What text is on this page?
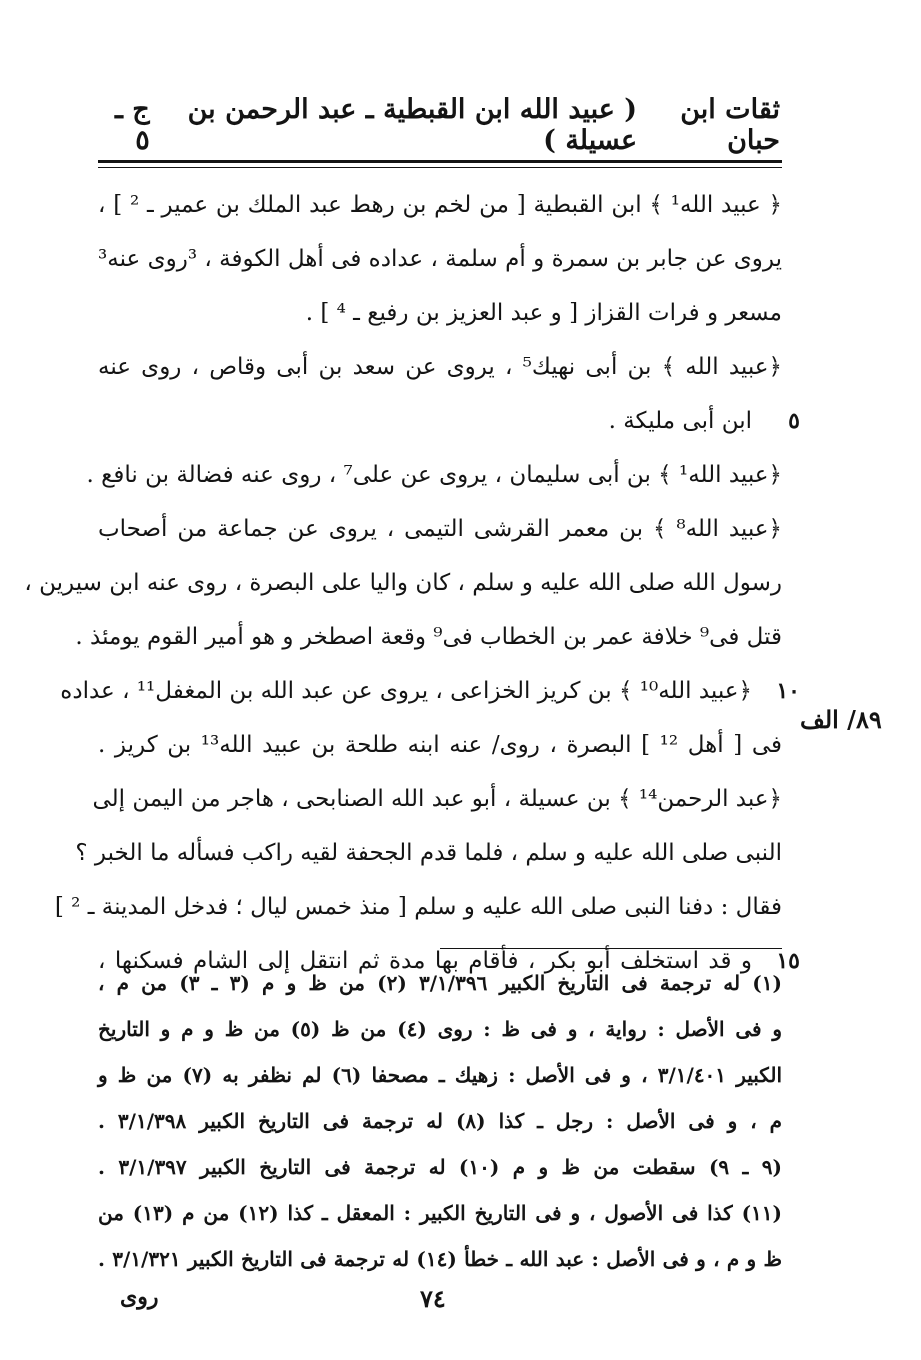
ثقات ابن حبان
( عبيد الله ابن القبطية ـ عبد الرحمن بن عسيلة )
ج ـ ٥
﴿ عبيد الله¹ ﴾ ابن القبطية [ من لخم بن رهط عبد الملك بن عمير ـ ² ] ،
يروى عن جابر بن سمرة و أم سلمة ، عداده فى أهل الكوفة ، ³روى عنه³
مسعر و فرات القزاز [ و عبد العزيز بن رفيع ـ ⁴ ] .
﴿عبيد الله ﴾ بن أبى نهيك⁵ ، يروى عن سعد بن أبى وقاص ، روى عنه
٥
ابن أبى مليكة .
﴿عبيد الله¹ ﴾ بن أبى سليمان ، يروى عن على⁷ ، روى عنه فضالة بن نافع .
﴿عبيد الله⁸ ﴾ بن معمر القرشى التيمى ، يروى عن جماعة من أصحاب
رسول الله صلى الله عليه و سلم ، كان واليا على البصرة ، روى عنه ابن سيرين ،
قتل فى⁹ خلافة عمر بن الخطاب فى⁹ وقعة اصطخر و هو أمير القوم يومئذ .
١٠
﴿عبيد الله¹⁰ ﴾ بن كريز الخزاعى ، يروى عن عبد الله بن المغفل¹¹ ، عداده
فى [ أهل ¹² ] البصرة ، روى/ عنه ابنه طلحة بن عبيد الله¹³ بن كريز .
﴿عبد الرحمن¹⁴ ﴾ بن عسيلة ، أبو عبد الله الصنابحى ، هاجر من اليمن إلى
النبى صلى الله عليه و سلم ، فلما قدم الجحفة لقيه راكب فسأله ما الخبر ؟
فقال : دفنا النبى صلى الله عليه و سلم [ منذ خمس ليال ؛ فدخل المدينة ـ ² ]
١٥
و قد استخلف أبو بكر ، فأقام بها مدة ثم انتقل إلى الشام فسكنها ،
٨٩/ الف
(١) له ترجمة فى التاريخ الكبير ٣/١/٣٩٦ (٢) من ظ و م (٣ ـ ٣) من م ،
و فى الأصل : رواية ، و فى ظ : روى (٤) من ظ (٥) من ظ و م و التاريخ
الكبير ٣/١/٤٠١ ، و فى الأصل : زهيك ـ مصحفا (٦) لم نظفر به (٧) من ظ و
م ، و فى الأصل : رجل ـ كذا (٨) له ترجمة فى التاريخ الكبير ٣/١/٣٩٨ .
(٩ ـ ٩) سقطت من ظ و م (١٠) له ترجمة فى التاريخ الكبير ٣/١/٣٩٧ .
(١١) كذا فى الأصول ، و فى التاريخ الكبير : المعقل ـ كذا (١٢) من م (١٣) من
ظ و م ، و فى الأصل : عبد الله ـ خطأ (١٤) له ترجمة فى التاريخ الكبير ٣/١/٣٢١ .
٧٤
روى
